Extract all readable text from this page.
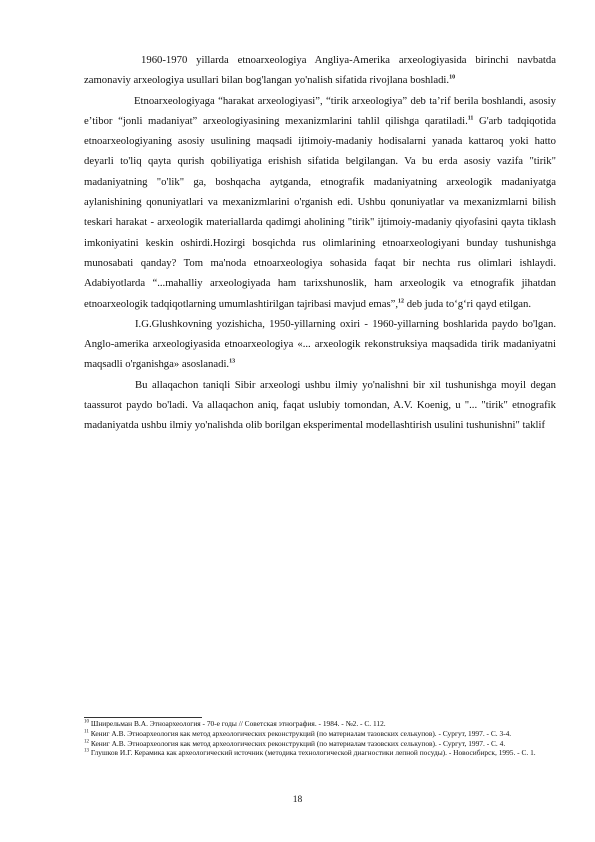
1960-1970 yillarda etnoarxeologiya Angliya-Amerika arxeologiyasida birinchi navbatda zamonaviy arxeologiya usullari bilan bog'langan yo'nalish sifatida rivojlana boshladi.$^{10}$

Etnoarxeologiyaga “harakat arxeologiyasi”, “tirik arxeologiya” deb taʼrif berila boshlandi, asosiy eʼtibor “jonli madaniyat” arxeologiyasining mexanizmlarini tahlil qilishga qaratiladi.$^{11}$ G'arb tadqiqotida etnoarxeologiyaning asosiy usulining maqsadi ijtimoiy-madaniy hodisalarni yanada kattaroq yoki hatto deyarli to'liq qayta qurish qobiliyatiga erishish sifatida belgilangan. Va bu erda asosiy vazifa "tirik" madaniyatning "o'lik" ga, boshqacha aytganda, etnografik madaniyatning arxeologik madaniyatga aylanishining qonuniyatlari va mexanizmlarini o'rganish edi. Ushbu qonuniyatlar va mexanizmlarni bilish teskari harakat - arxeologik materiallarda qadimgi aholining "tirik" ijtimoiy-madaniy qiyofasini qayta tiklash imkoniyatini keskin oshirdi.Hozirgi bosqichda rus olimlarining etnoarxeologiyani bunday tushunishga munosabati qanday? Tom ma'noda etnoarxeologiya sohasida faqat bir nechta rus olimlari ishlaydi. Adabiyotlarda “...mahalliy arxeologiyada ham tarixshunoslik, ham arxeologik va etnografik jihatdan etnoarxeologik tadqiqotlarning umumlashtirilgan tajribasi mavjud emas”,$^{12}$ deb juda toʻgʻri qayd etilgan.

I.G.Glushkovning yozishicha, 1950-yillarning oxiri - 1960-yillarning boshlarida paydo bo'lgan. Anglo-amerika arxeologiyasida etnoarxeologiya «... arxeologik rekonstruksiya maqsadida tirik madaniyatni maqsadli o'rganishga» asoslanadi.$^{13}$

Bu allaqachon taniqli Sibir arxeologi ushbu ilmiy yo'nalishni bir xil tushunishga moyil degan taassurot paydo bo'ladi. Va allaqachon aniq, faqat uslubiy tomondan, A.V. Koenig, u "... "tirik" etnografik madaniyatda ushbu ilmiy yo'nalishda olib borilgan eksperimental modellashtirish usulini tushunishni" taklif

$^{10}$ Шнирельман В.А. Этноархеология - 70-е годы // Советская этнография. - 1984. - №2. - С. 112.

$^{11}$ Кениг А.В. Этноархеология как метод археологических реконструкций (по материалам тазовских селькупов). - Сургут, 1997. - С. 3-4.

$^{12}$ Кениг А.В. Этноархеология как метод археологических реконструкций (по материалам тазовских селькупов). - Сургут, 1997. - С. 4.

$^{13}$ Глушков И.Г. Керамика как археологический источник (методика технологической диагностики лепной посуды). - Новосибирск, 1995. - С. 1.

18
